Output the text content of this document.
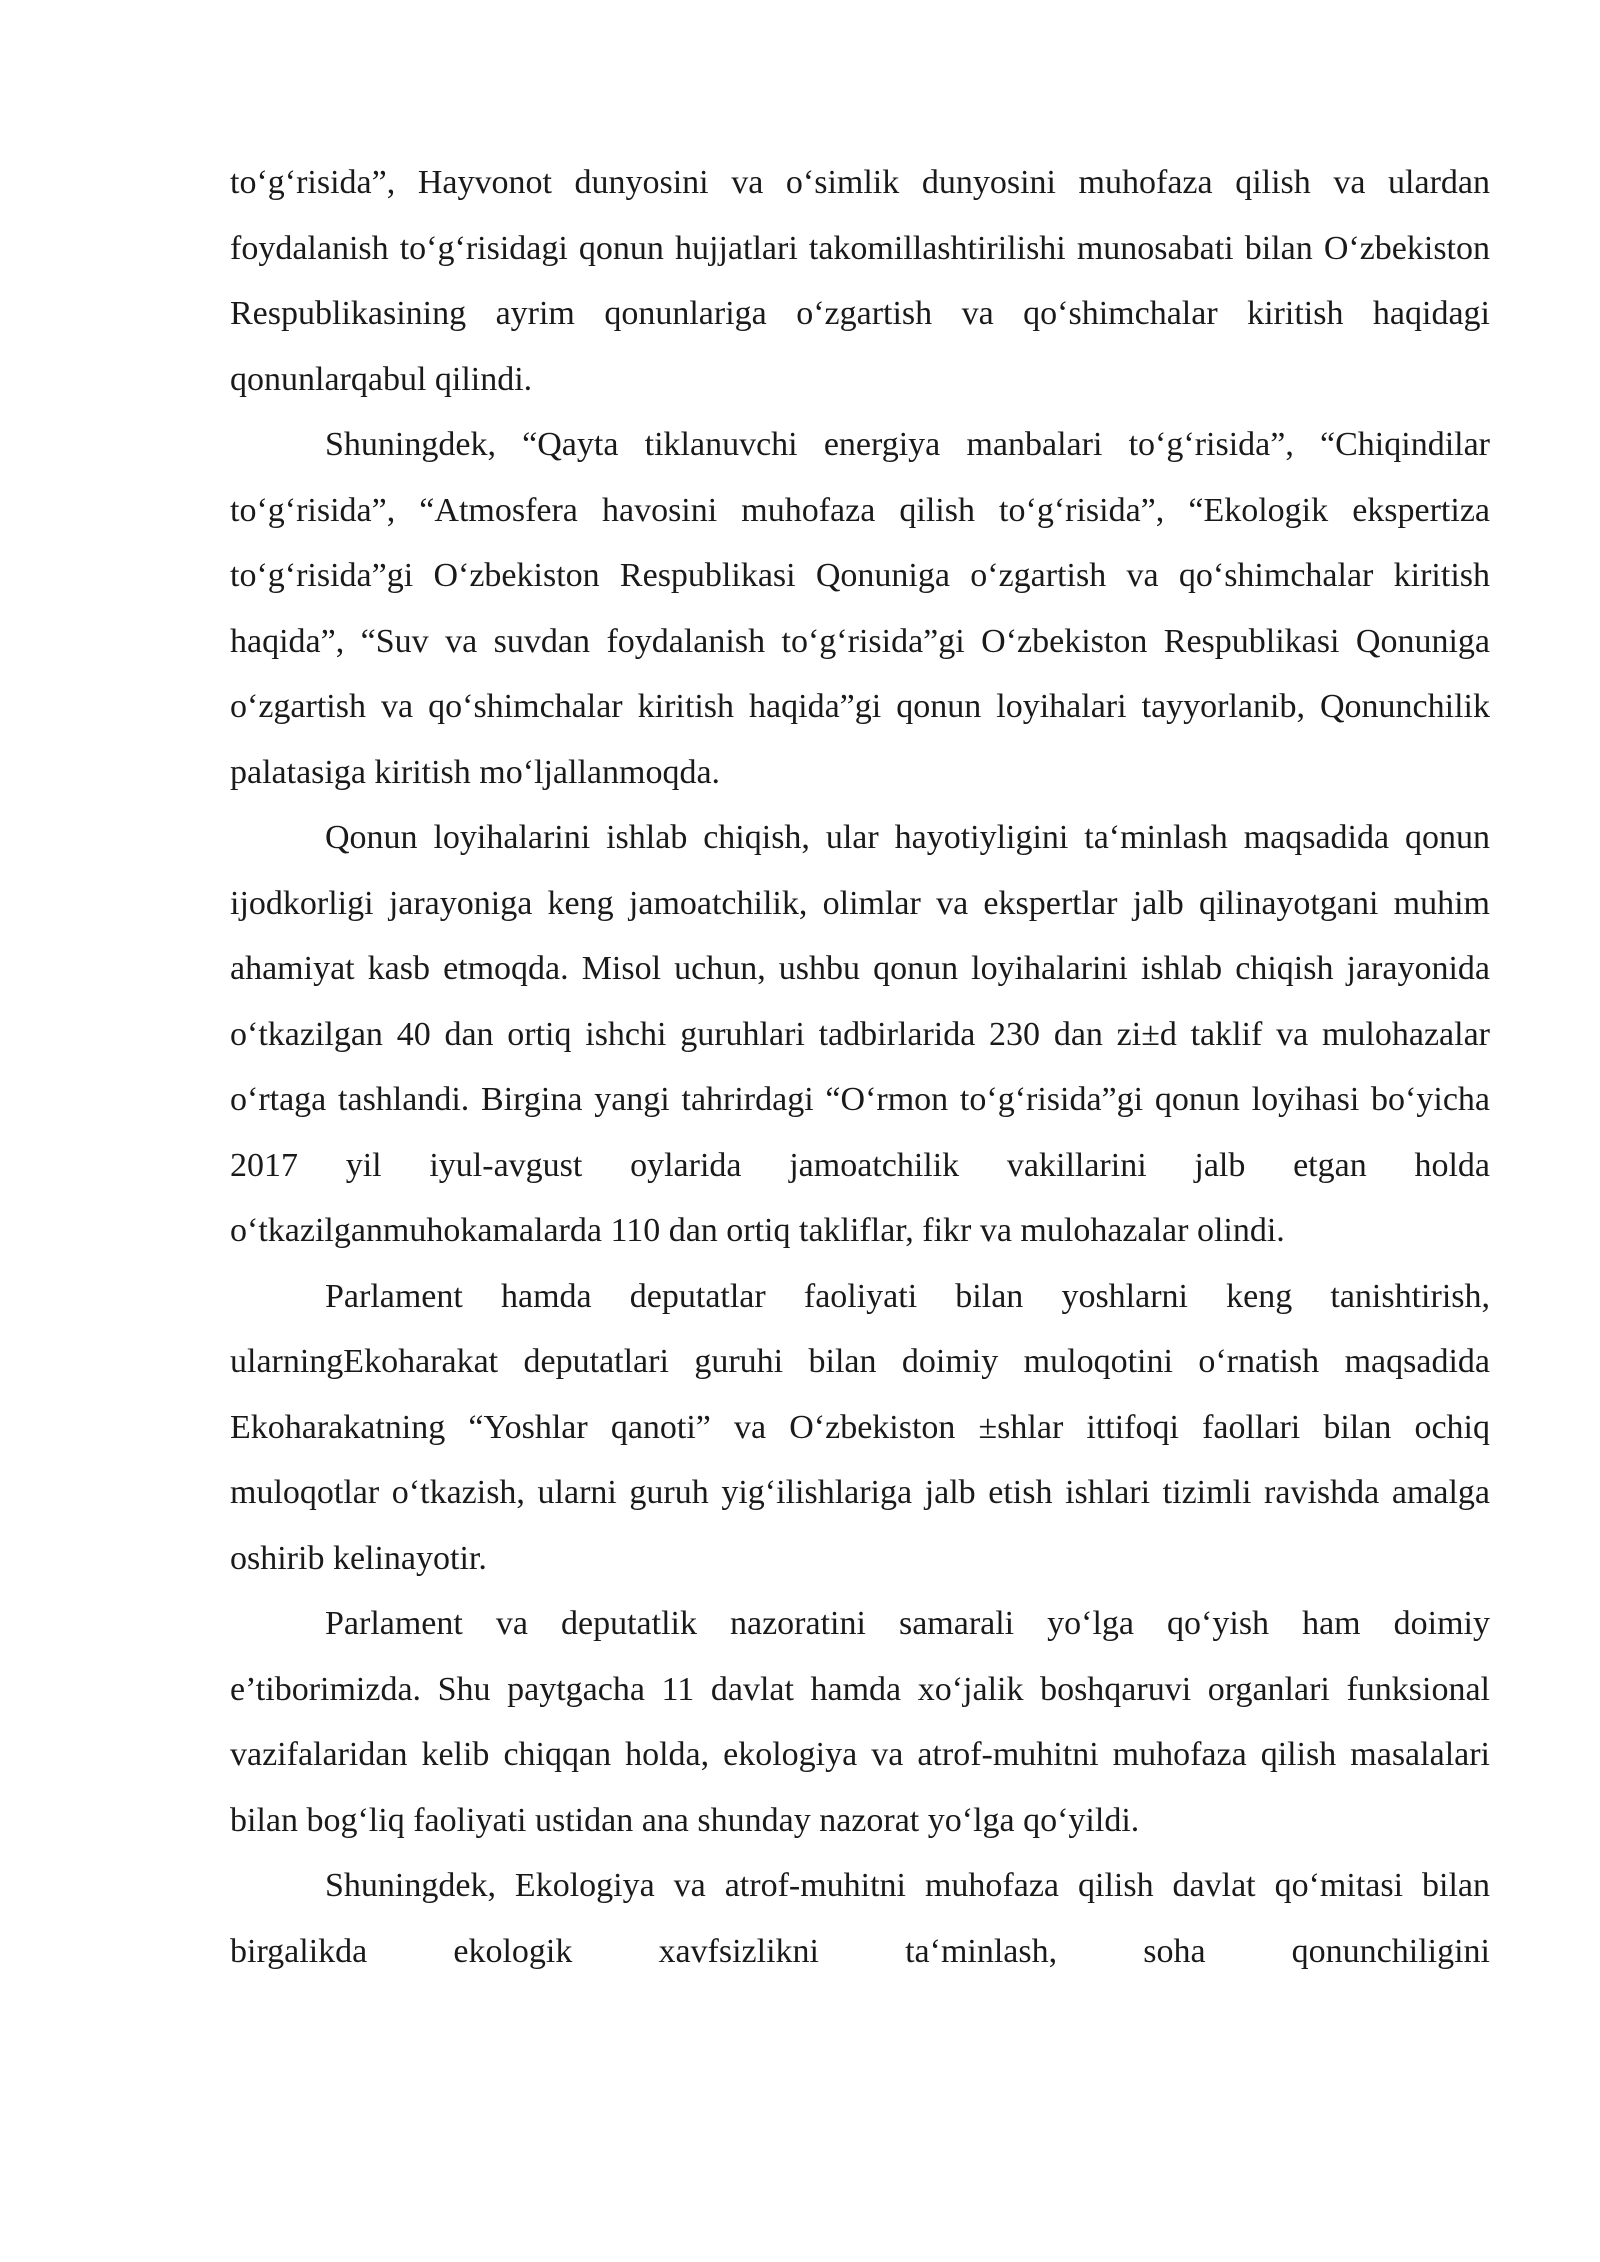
to‘g‘risida”, Hayvonot dunyosini va o‘simlik dunyosini muhofaza qilish va ulardan foydalanish to‘g‘risidagi qonun hujjatlari takomillashtirilishi munosabati bilan O‘zbekiston Respublikasining ayrim qonunlariga o‘zgartish va qo‘shimchalar kiritish haqidagi qonunlarqabul qilindi.

Shuningdek, “Qayta tiklanuvchi energiya manbalari to‘g‘risida”, “Chiqindilar to‘g‘risida”, “Atmosfera havosini muhofaza qilish to‘g‘risida”, “Ekologik ekspertiza to‘g‘risida”gi O‘zbekiston Respublikasi Qonuniga o‘zgartish va qo‘shimchalar kiritish haqida”, “Suv va suvdan foydalanish to‘g‘risida”gi O‘zbekiston Respublikasi Qonuniga o‘zgartish va qo‘shimchalar kiritish haqida”gi qonun loyihalari tayyorlanib, Qonunchilik palatasiga kiritish mo‘ljallanmoqda.

Qonun loyihalarini ishlab chiqish, ular hayotiyligini ta‘minlash maqsadida qonun ijodkorligi jarayoniga keng jamoatchilik, olimlar va ekspertlar jalb qilinayotgani muhim ahamiyat kasb etmoqda. Misol uchun, ushbu qonun loyihalarini ishlab chiqish jarayonida o‘tkazilgan 40 dan ortiq ishchi guruhlari tadbirlarida 230 dan zi±d taklif va mulohazalar o‘rtaga tashlandi. Birgina yangi tahrirdagi “O‘rmon to‘g‘risida”gi qonun loyihasi bo‘yicha 2017 yil iyul-avgust oylarida jamoatchilik vakillarini jalb etgan holda o‘tkazilganmuhokamalarda 110 dan ortiq takliflar, fikr va mulohazalar olindi.

Parlament hamda deputatlar faoliyati bilan yoshlarni keng tanishtirish, ularningEkoharakat deputatlari guruhi bilan doimiy muloqotini o‘rnatish maqsadida Ekoharakatning “Yoshlar qanoti” va O‘zbekiston ±shlar ittifoqi faollari bilan ochiq muloqotlar o‘tkazish, ularni guruh yig‘ilishlariga jalb etish ishlari tizimli ravishda amalga oshirib kelinayotir.

Parlament va deputatlik nazoratini samarali yo‘lga qo‘yish ham doimiy e’tiborimizda. Shu paytgacha 11 davlat hamda xo‘jalik boshqaruvi organlari funksional vazifalaridan kelib chiqqan holda, ekologiya va atrof-muhitni muhofaza qilish masalalari bilan bog‘liq faoliyati ustidan ana shunday nazorat yo‘lga qo‘yildi.

Shuningdek, Ekologiya va atrof-muhitni muhofaza qilish davlat qo‘mitasi bilan birgalikda ekologik xavfsizlikni ta‘minlash, soha qonunchiligini
